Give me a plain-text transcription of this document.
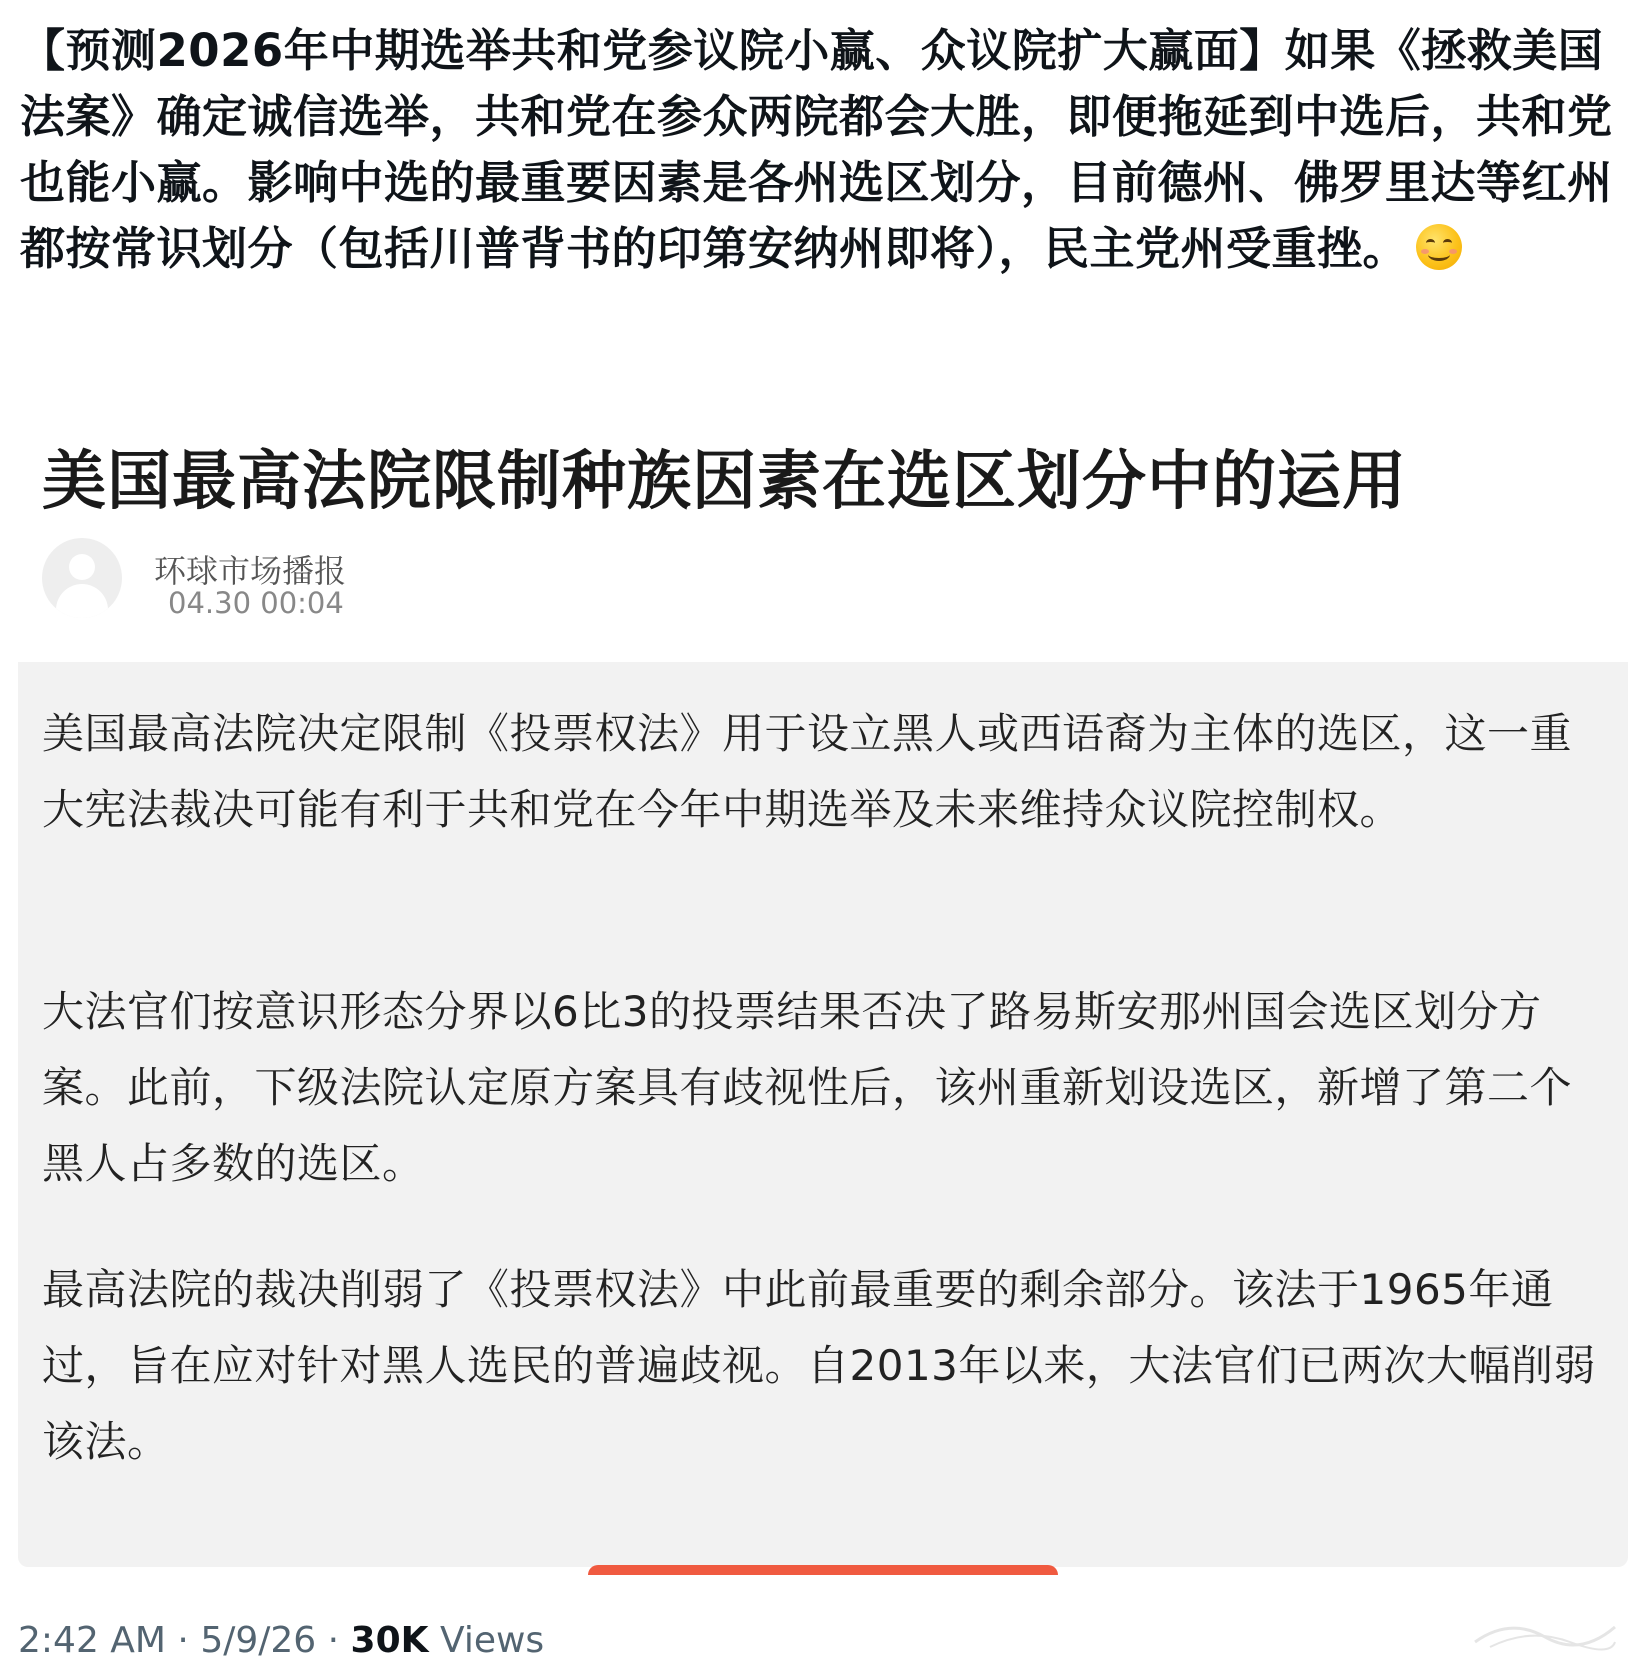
【预测2026年中期选举共和党参议院小赢、众议院扩大赢面】如果《拯救美国法案》确定诚信选举，共和党在参众两院都会大胜，即便拖延到中选后，共和党也能小赢。影响中选的最重要因素是各州选区划分，目前德州、佛罗里达等红州都按常识划分（包括川普背书的印第安纳州即将），民主党州受重挫。
美国最高法院限制种族因素在选区划分中的运用
环球市场播报
04.30 00:04
美国最高法院决定限制《投票权法》用于设立黑人或西语裔为主体的选区，这一重大宪法裁决可能有利于共和党在今年中期选举及未来维持众议院控制权。
大法官们按意识形态分界以6比3的投票结果否决了路易斯安那州国会选区划分方案。此前，下级法院认定原方案具有歧视性后，该州重新划设选区，新增了第二个黑人占多数的选区。
最高法院的裁决削弱了《投票权法》中此前最重要的剩余部分。该法于1965年通过，旨在应对针对黑人选民的普遍歧视。自2013年以来，大法官们已两次大幅削弱该法。
2:42 AM · 5/9/26 · 30K Views
